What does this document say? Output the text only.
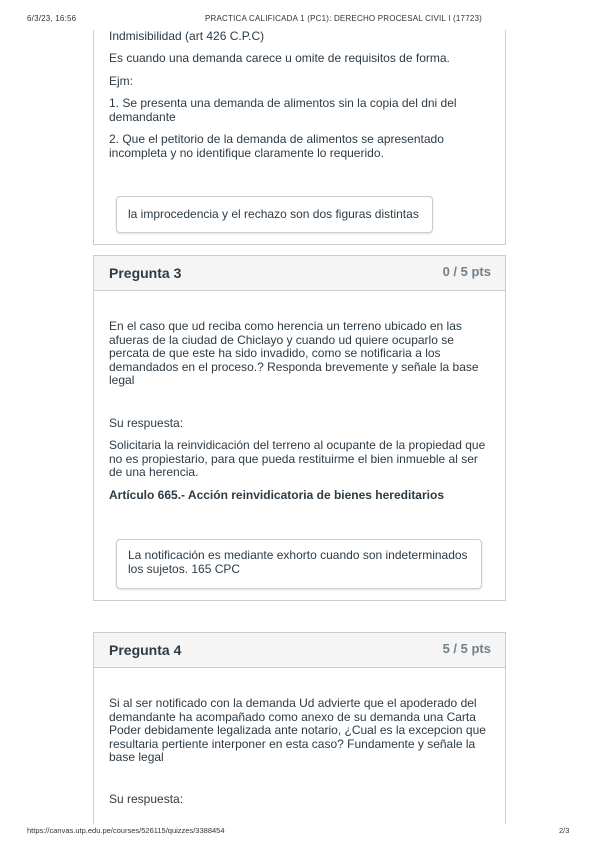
6/3/23, 16:56	PRACTICA CALIFICADA 1 (PC1): DERECHO PROCESAL CIVIL I (17723)

Indmisibilidad (art 426 C.P.C)

Es cuando una demanda carece u omite de requisitos de forma.

Ejm:

1. Se presenta una demanda de alimentos sin la copia del dni del demandante

2. Que el petitorio de la demanda de alimentos se apresentado incompleta y no identifique claramente lo requerido.

la improcedencia y el rechazo son dos figuras distintas
Pregunta 3	0 / 5 pts

En el caso que ud reciba como herencia un terreno ubicado en las afueras de la ciudad de Chiclayo y cuando ud quiere ocuparlo se percata de que este ha sido invadido, como se notificaria a los demandados en el proceso.? Responda brevemente y señale la base legal

Su respuesta:

Solicitaria la reinvidicación del terreno al ocupante de la propiedad que no es propiestario, para que pueda restituirme el bien inmueble al ser de una herencia.

Artículo 665.- Acción reinvidicatoria de bienes hereditarios

La notificación es mediante exhorto cuando son indeterminados los sujetos. 165 CPC
Pregunta 4	5 / 5 pts

Si al ser notificado con la demanda Ud advierte que el apoderado del demandante ha acompañado como anexo de su demanda una Carta Poder debidamente legalizada ante notario, ¿Cual es la excepcion que resultaria pertiente interponer en esta caso? Fundamente y señale la base legal

Su respuesta:

https://canvas.utp.edu.pe/courses/526115/quizzes/3388454	2/3
